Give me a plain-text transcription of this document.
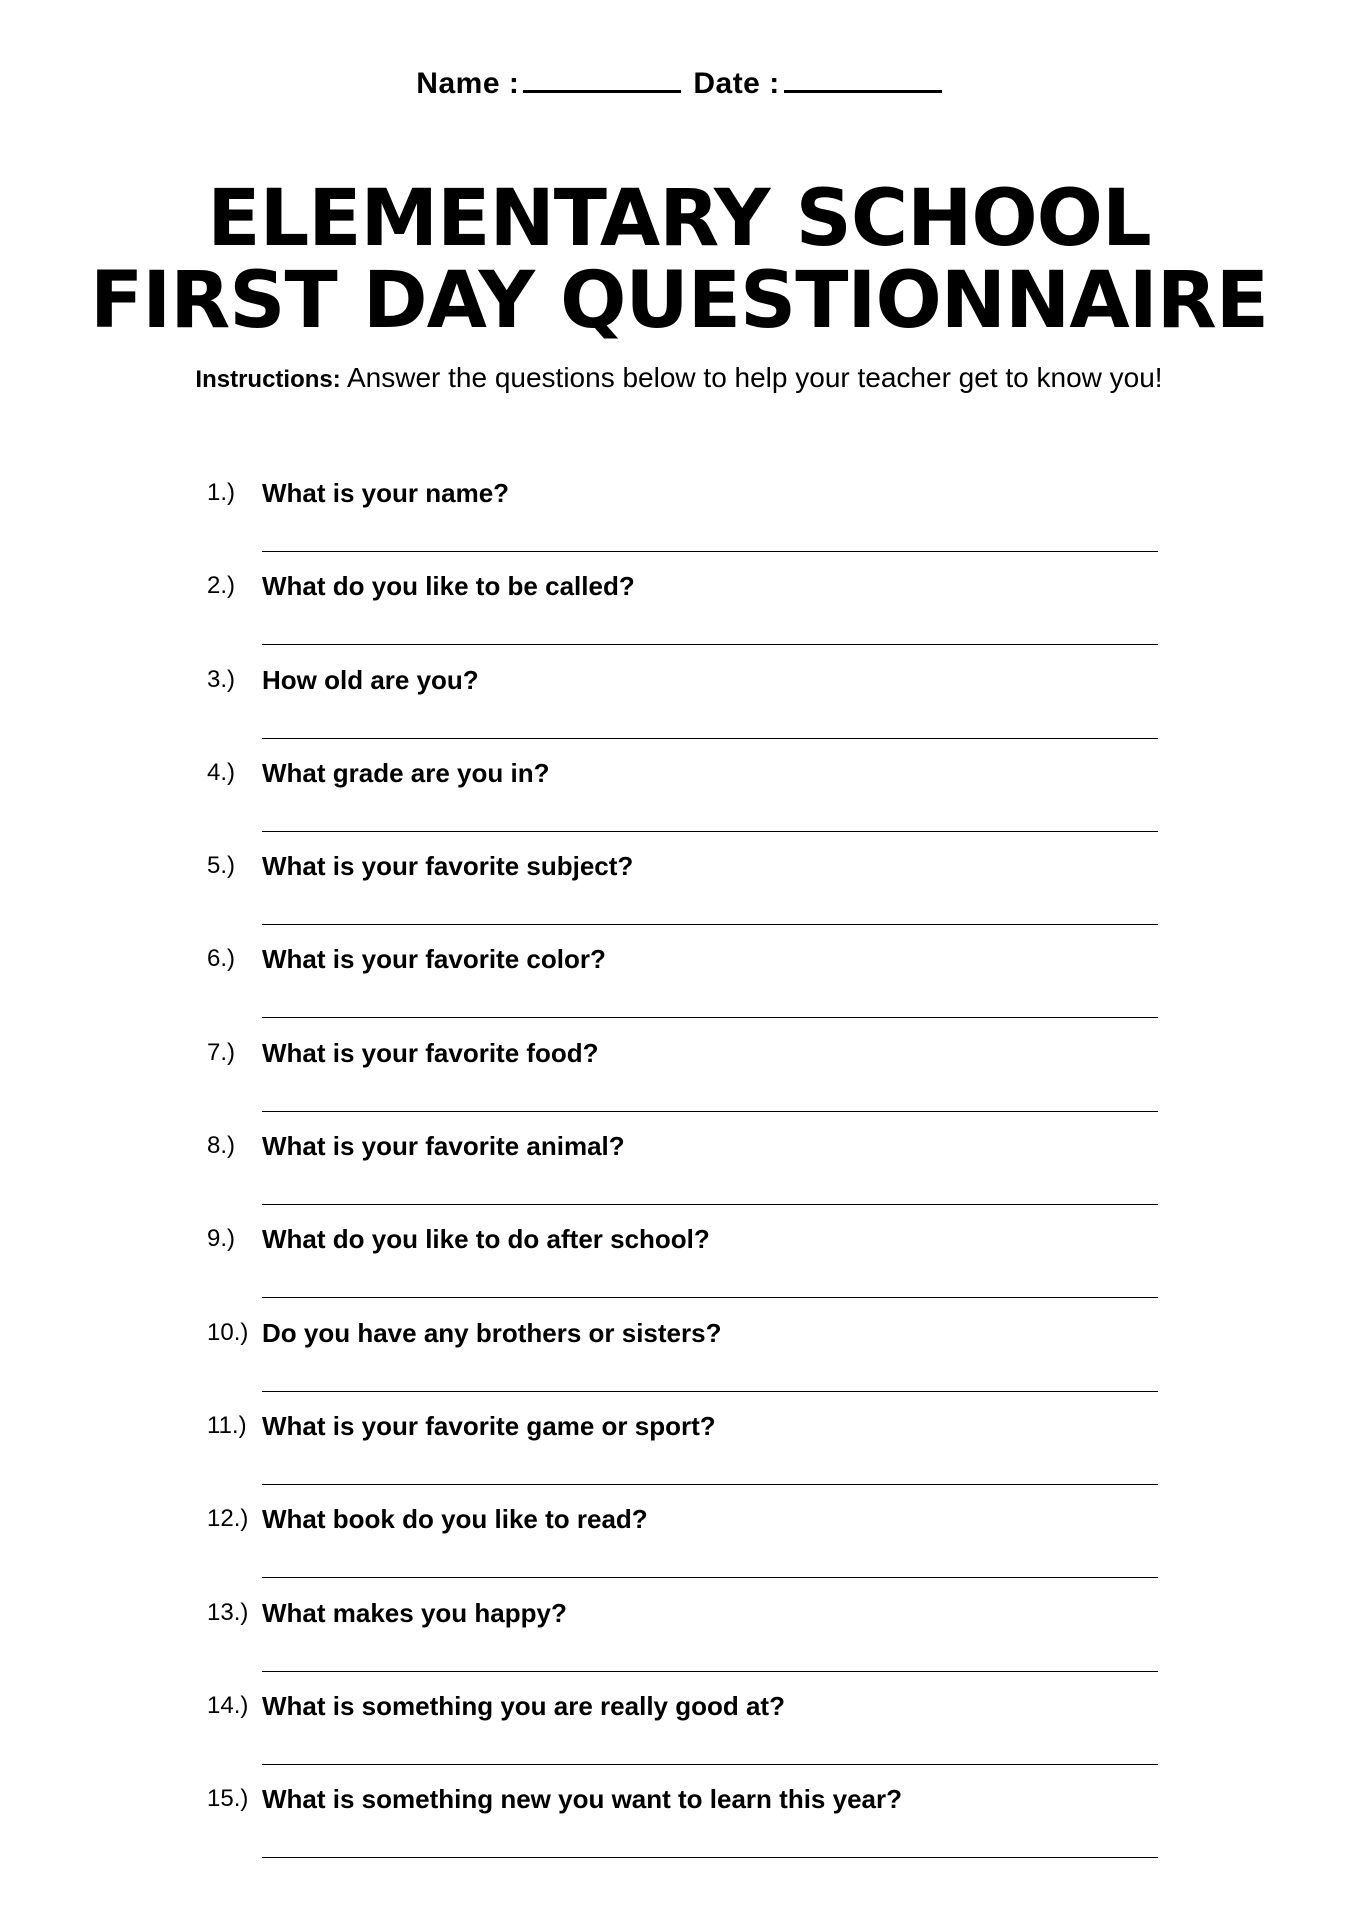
Name :	Date :
ELEMENTARY SCHOOL
FIRST DAY QUESTIONNAIRE
Instructions: Answer the questions below to help your teacher get to know you!
1.) What is your name?
2.) What do you like to be called?
3.) How old are you?
4.) What grade are you in?
5.) What is your favorite subject?
6.) What is your favorite color?
7.) What is your favorite food?
8.) What is your favorite animal?
9.) What do you like to do after school?
10.) Do you have any brothers or sisters?
11.) What is your favorite game or sport?
12.) What book do you like to read?
13.) What makes you happy?
14.) What is something you are really good at?
15.) What is something new you want to learn this year?
